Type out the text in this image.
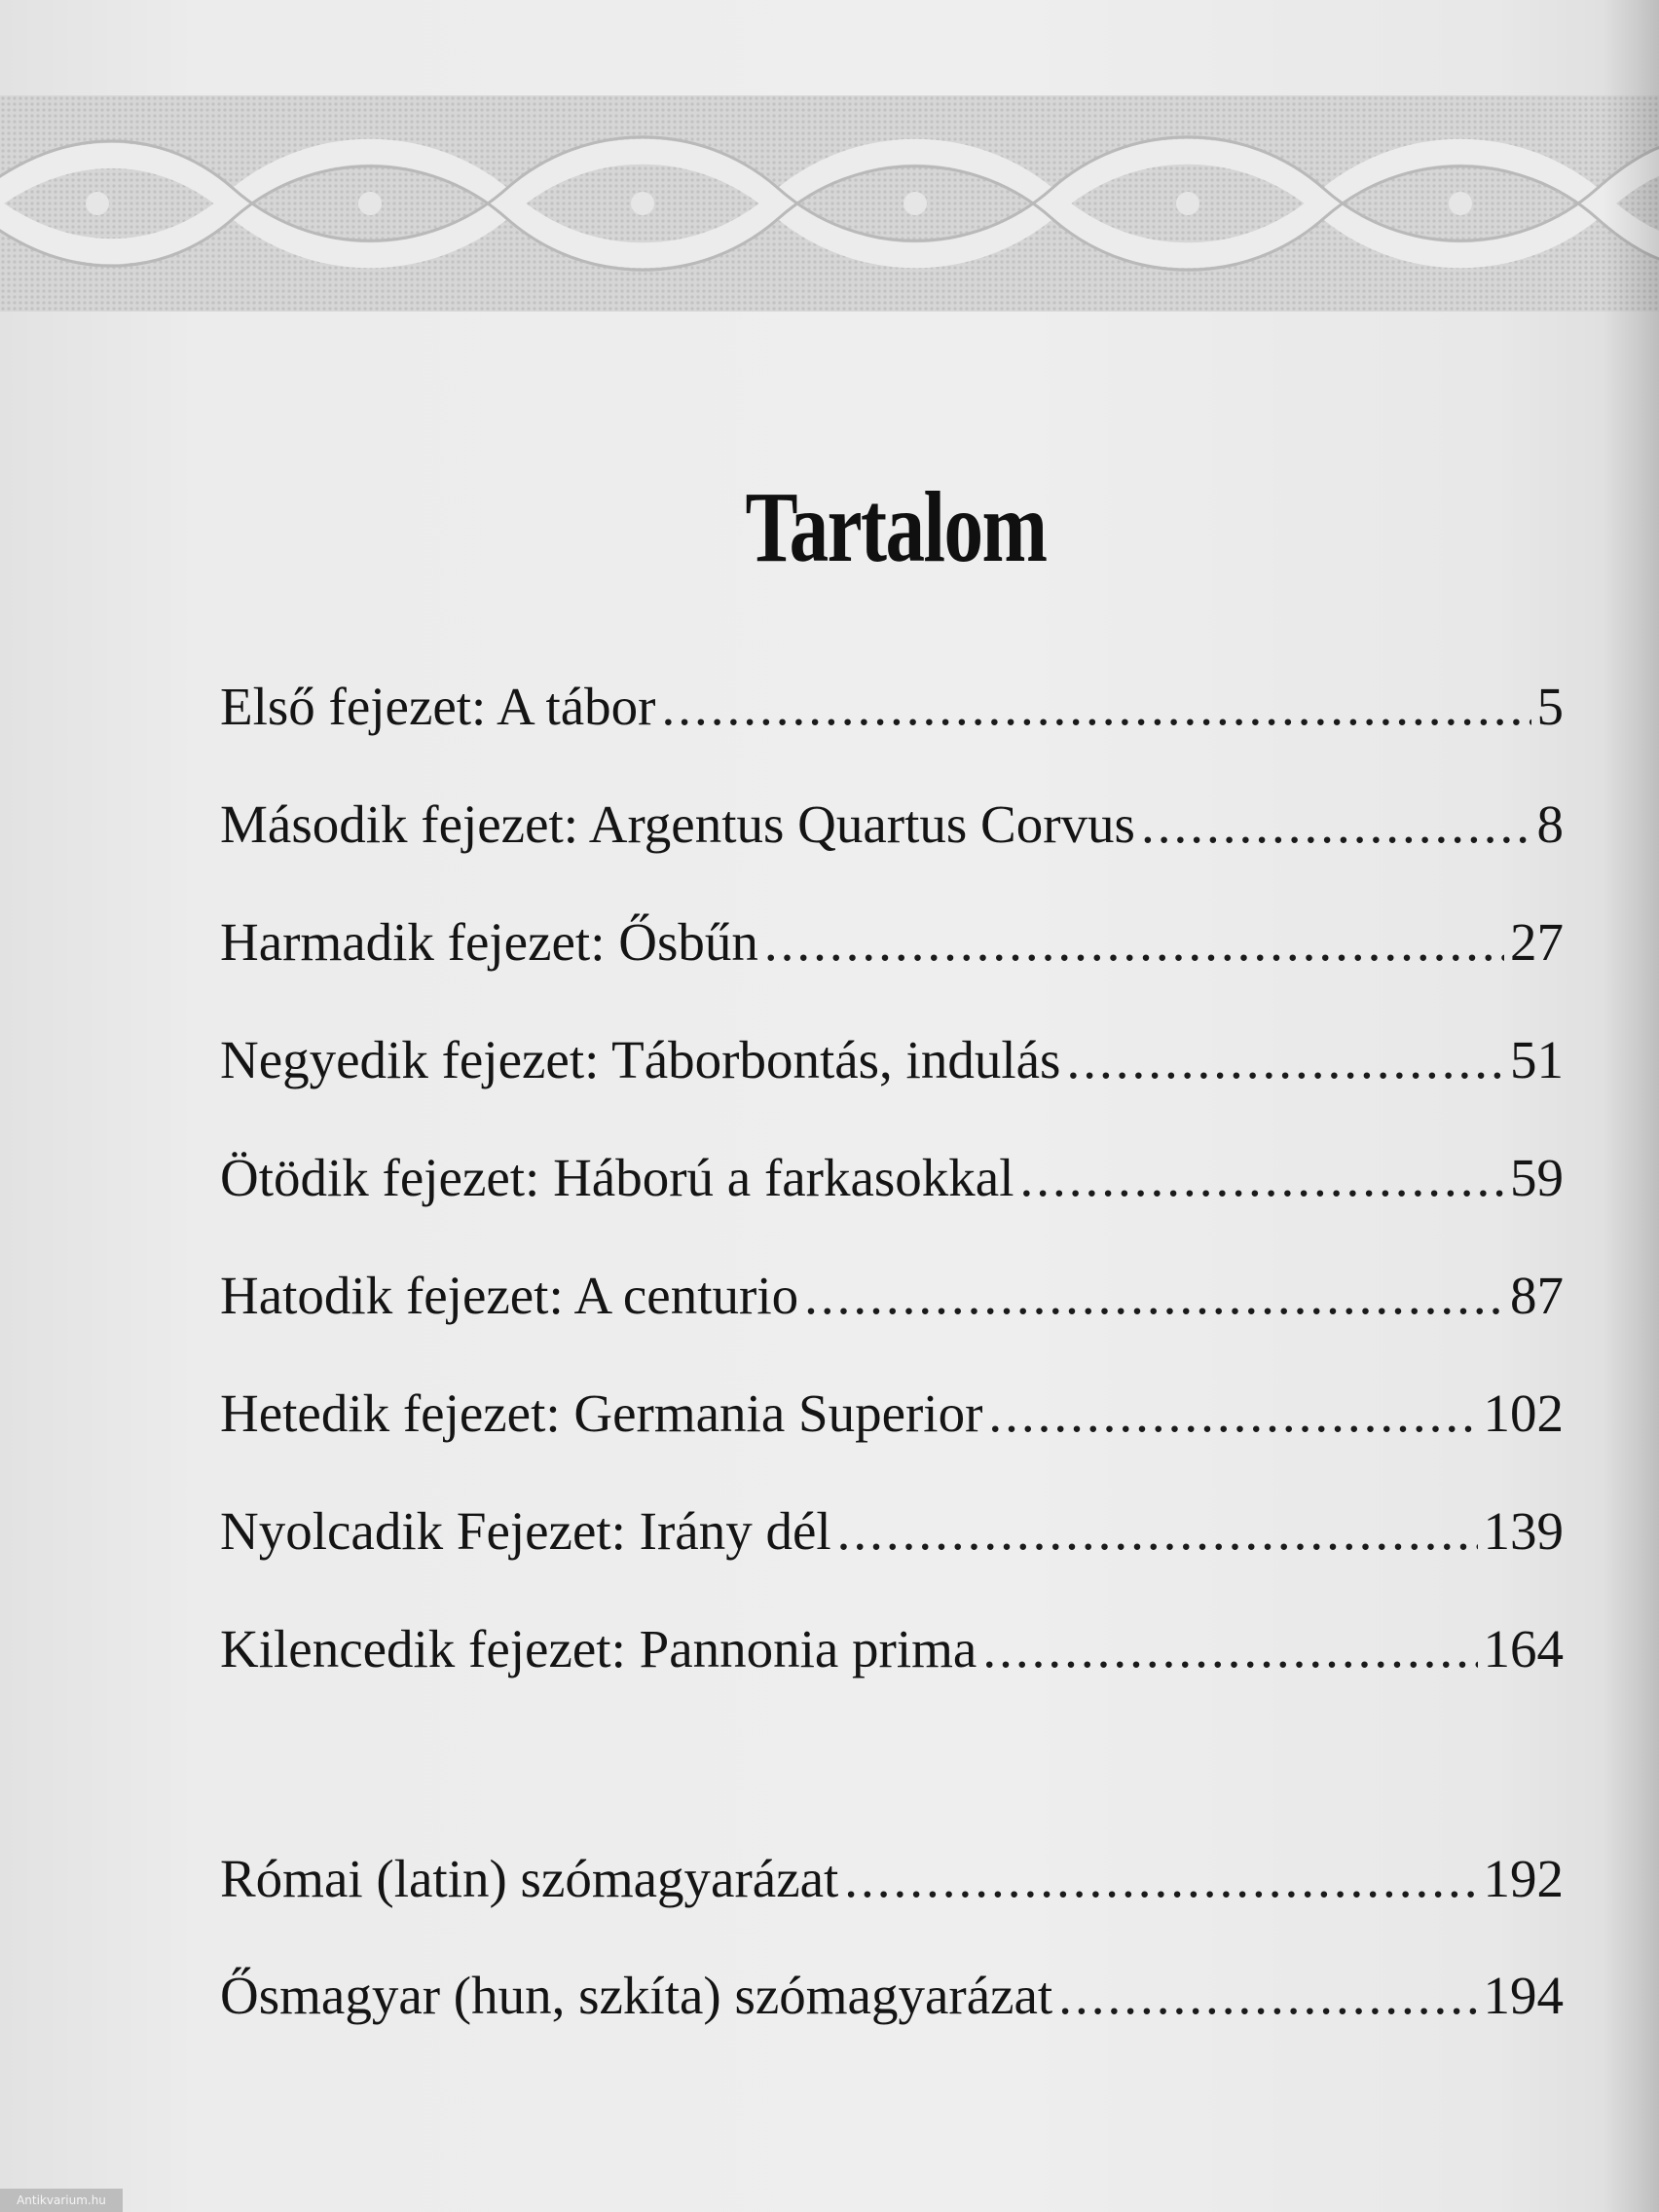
Tartalom
Első fejezet: A tábor .....	5
Második fejezet: Argentus Quartus Corvus .....	8
Harmadik fejezet: Ősbűn .....	27
Negyedik fejezet: Táborbontás, indulás .....	51
Ötödik fejezet: Háború a farkasokkal .....	59
Hatodik fejezet: A centurio .....	87
Hetedik fejezet: Germania Superior .....	102
Nyolcadik Fejezet: Irány dél .....	139
Kilencedik fejezet: Pannonia prima .....	164
Római (latin) szómagyarázat .....	192
Ősmagyar (hun, szkíta) szómagyarázat .....	194
Antikvarium.hu
